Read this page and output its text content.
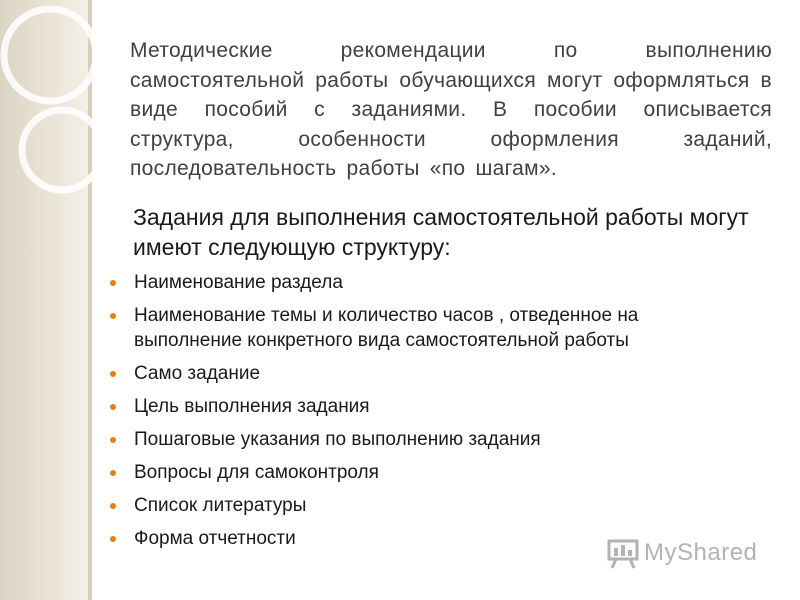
Методические рекомендации по выполнению самостоятельной работы обучающихся могут оформляться в виде пособий с заданиями. В пособии описывается структура, особенности оформления заданий, последовательность работы «по шагам».

Задания для выполнения самостоятельной работы могут имеют следующую структуру:

Наименование раздела
Наименование темы и количество часов , отведенное на выполнение конкретного вида самостоятельной работы
Само задание
Цель выполнения задания
Пошаговые указания по выполнению задания
Вопросы для самоконтроля
Список литературы
Форма отчетности
MyShared
